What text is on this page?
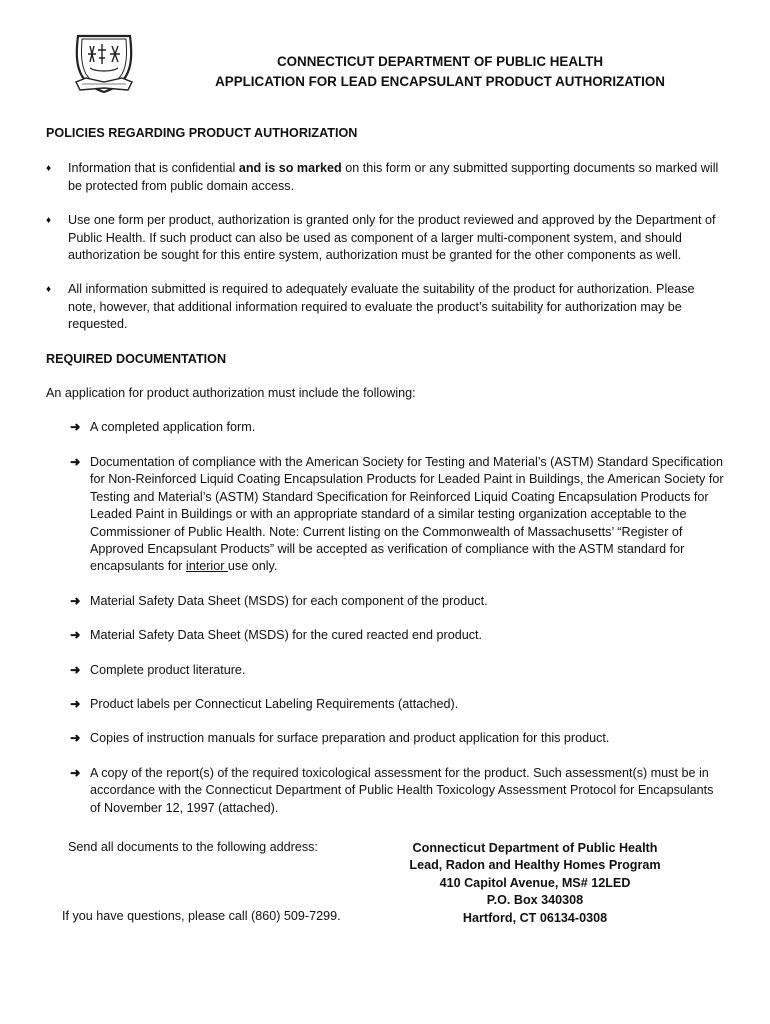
CONNECTICUT DEPARTMENT OF PUBLIC HEALTH
APPLICATION FOR LEAD ENCAPSULANT PRODUCT AUTHORIZATION

POLICIES REGARDING PRODUCT AUTHORIZATION

♦ Information that is confidential and is so marked on this form or any submitted supporting documents so marked will be protected from public domain access.

♦ Use one form per product, authorization is granted only for the product reviewed and approved by the Department of Public Health. If such product can also be used as component of a larger multi-component system, and should authorization be sought for this entire system, authorization must be granted for the other components as well.

♦ All information submitted is required to adequately evaluate the suitability of the product for authorization. Please note, however, that additional information required to evaluate the product’s suitability for authorization may be requested.

REQUIRED DOCUMENTATION

An application for product authorization must include the following:

➜ A completed application form.

➜ Documentation of compliance with the American Society for Testing and Material’s (ASTM) Standard Specification for Non-Reinforced Liquid Coating Encapsulation Products for Leaded Paint in Buildings, the American Society for Testing and Material’s (ASTM) Standard Specification for Reinforced Liquid Coating Encapsulation Products for Leaded Paint in Buildings or with an appropriate standard of a similar testing organization acceptable to the Commissioner of Public Health. Note: Current listing on the Commonwealth of Massachusetts’ “Register of Approved Encapsulant Products” will be accepted as verification of compliance with the ASTM standard for encapsulants for interior use only.

➜ Material Safety Data Sheet (MSDS) for each component of the product.

➜ Material Safety Data Sheet (MSDS) for the cured reacted end product.

➜ Complete product literature.

➜ Product labels per Connecticut Labeling Requirements (attached).

➜ Copies of instruction manuals for surface preparation and product application for this product.

➜ A copy of the report(s) of the required toxicological assessment for the product. Such assessment(s) must be in accordance with the Connecticut Department of Public Health Toxicology Assessment Protocol for Encapsulants of November 12, 1997 (attached).

Send all documents to the following address:
If you have questions, please call (860) 509-7299.
Connecticut Department of Public Health
Lead, Radon and Healthy Homes Program
410 Capitol Avenue, MS# 12LED
P.O. Box 340308
Hartford, CT 06134-0308
